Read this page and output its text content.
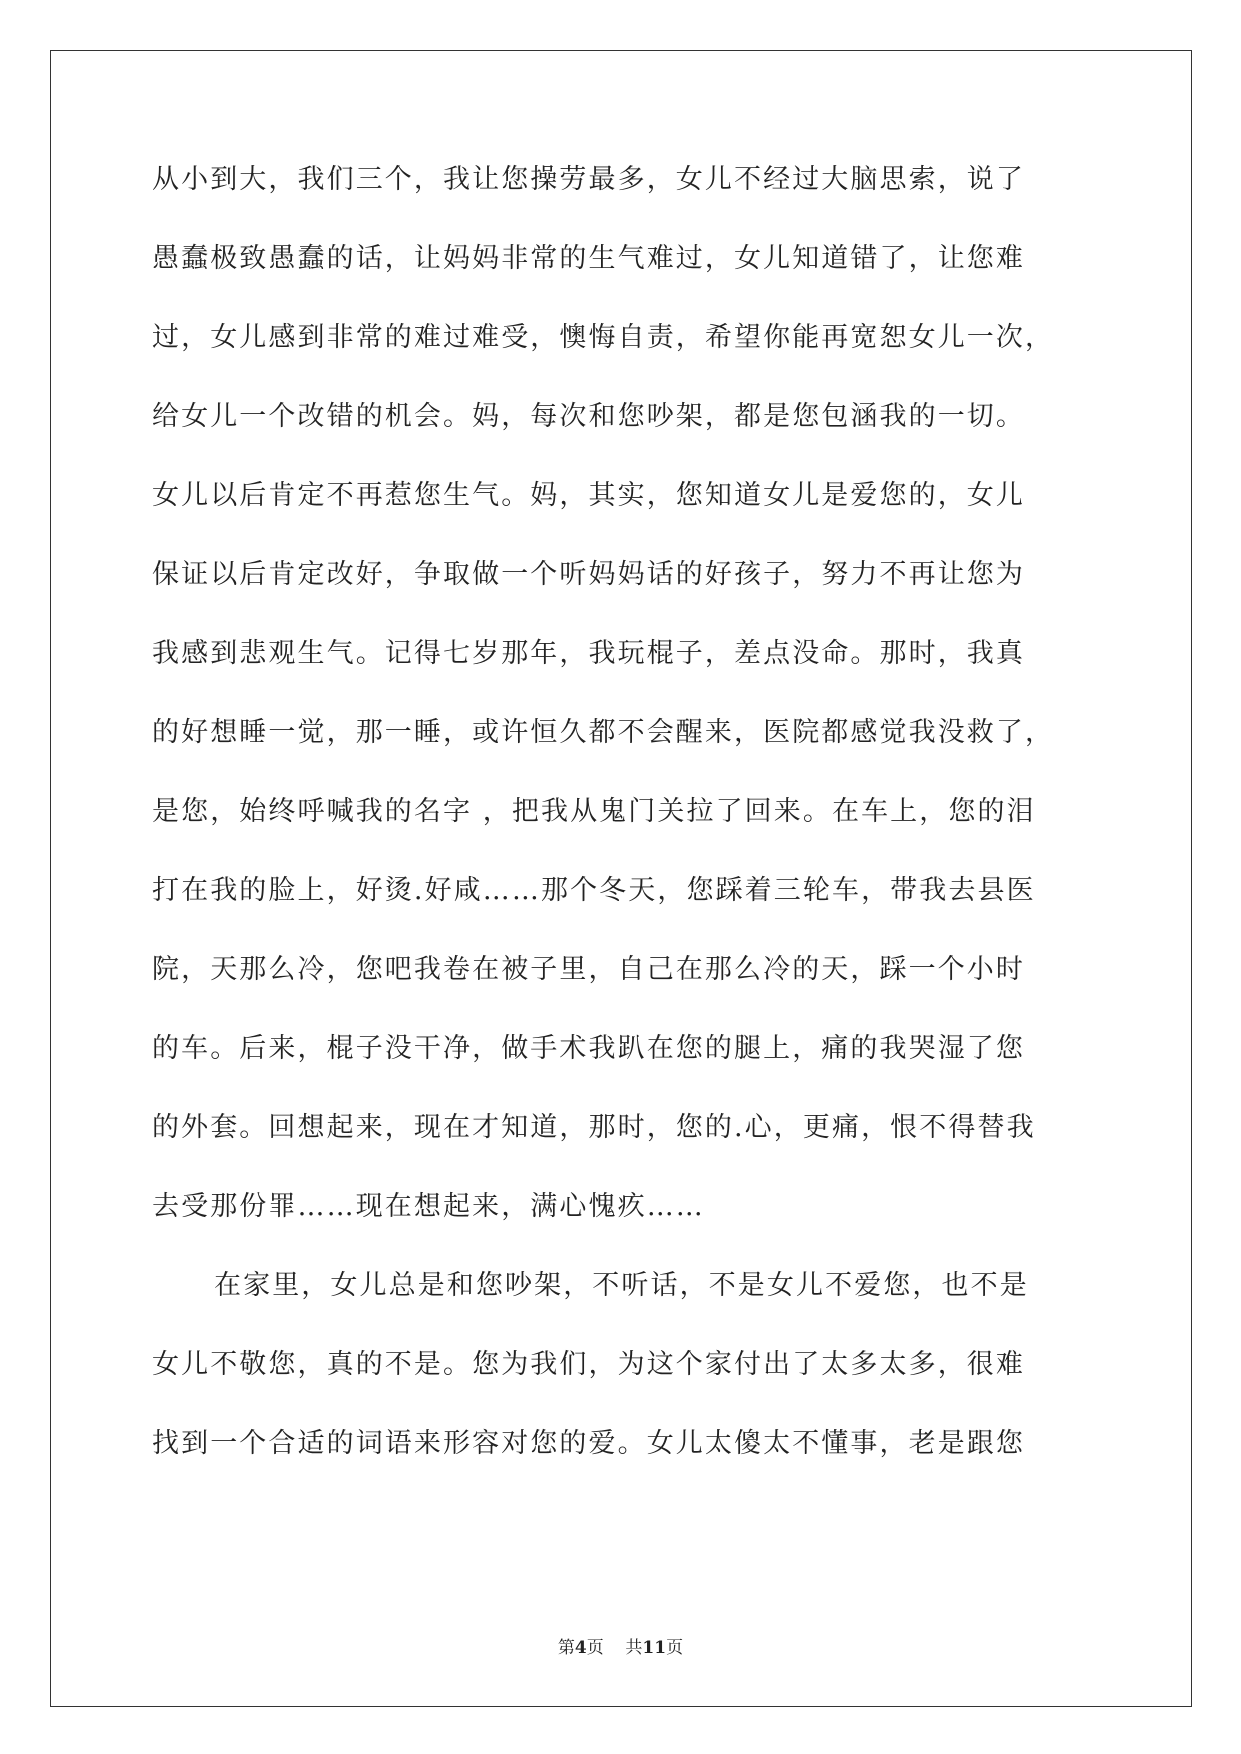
从小到大，我们三个，我让您操劳最多，女儿不经过大脑思索，说了
愚蠢极致愚蠢的话，让妈妈非常的生气难过，女儿知道错了，让您难
过，女儿感到非常的难过难受，懊悔自责，希望你能再宽恕女儿一次，
给女儿一个改错的机会。妈，每次和您吵架，都是您包涵我的一切。
女儿以后肯定不再惹您生气。妈，其实，您知道女儿是爱您的，女儿
保证以后肯定改好，争取做一个听妈妈话的好孩子，努力不再让您为
我感到悲观生气。记得七岁那年，我玩棍子，差点没命。那时，我真
的好想睡一觉，那一睡，或许恒久都不会醒来，医院都感觉我没救了，
是您，始终呼喊我的名字 ，把我从鬼门关拉了回来。在车上，您的泪
打在我的脸上，好烫.好咸……那个冬天，您踩着三轮车，带我去县医
院，天那么冷，您吧我卷在被子里，自己在那么冷的天，踩一个小时
的车。后来，棍子没干净，做手术我趴在您的腿上，痛的我哭湿了您
的外套。回想起来，现在才知道，那时，您的.心，更痛，恨不得替我
去受那份罪……现在想起来，满心愧疚……
在家里，女儿总是和您吵架，不听话，不是女儿不爱您，也不是
女儿不敬您，真的不是。您为我们，为这个家付出了太多太多，很难
找到一个合适的词语来形容对您的爱。女儿太傻太不懂事，老是跟您
第4页 共11页
